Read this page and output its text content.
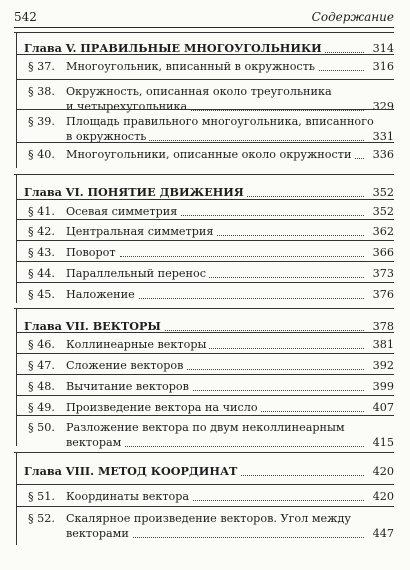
542	Содержание
Глава V. ПРАВИЛЬНЫЕ МНОГОУГОЛЬНИКИ	314
§ 37. Многоугольник, вписанный в окружность	316
§ 38. Окружность, описанная около треугольника
и четырехугольника	329
§ 39. Площадь правильного многоугольника, вписанного
в окружность	331
§ 40. Многоугольники, описанные около окружности 336
Глава VI. ПОНЯТИЕ ДВИЖЕНИЯ	352
§ 41. Осевая симметрия	352
§ 42. Центральная симметрия	362
§ 43. Поворот	366
§ 44. Параллельный перенос	373
§ 45. Наложение	376
Глава VII. ВЕКТОРЫ	378
§ 46. Коллинеарные векторы	381
§ 47. Сложение векторов	392
§ 48. Вычитание векторов	399
§ 49. Произведение вектора на число	407
§ 50. Разложение вектора по двум неколлинеарным
векторам	415
Глава VIII. МЕТОД КООРДИНАТ	420
§ 51. Координаты вектора	420
§ 52. Скалярное произведение векторов. Угол между
векторами	447
